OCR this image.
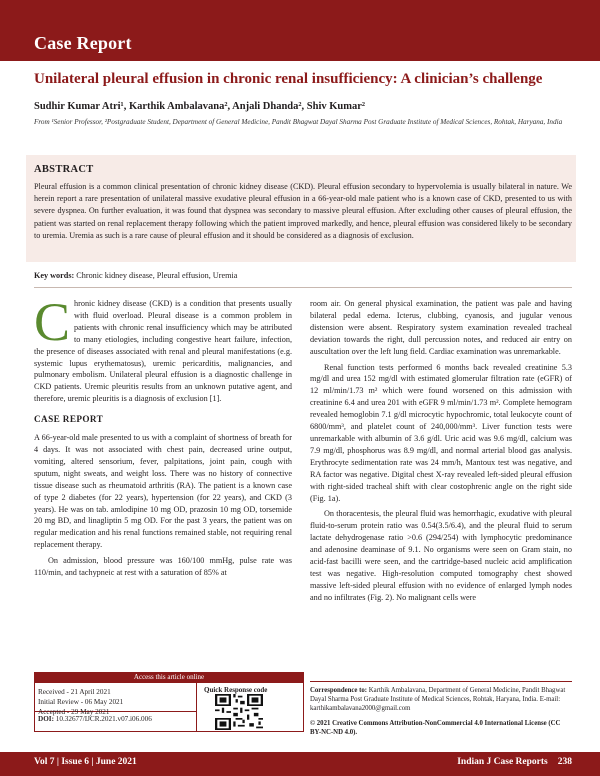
Case Report
Unilateral pleural effusion in chronic renal insufficiency: A clinician’s challenge
Sudhir Kumar Atri¹, Karthik Ambalavana², Anjali Dhanda², Shiv Kumar²
From ¹Senior Professor, ²Postgraduate Student, Department of General Medicine, Pandit Bhagwat Dayal Sharma Post Graduate Institute of Medical Sciences, Rohtak, Haryana, India
ABSTRACT
Pleural effusion is a common clinical presentation of chronic kidney disease (CKD). Pleural effusion secondary to hypervolemia is usually bilateral in nature. We herein report a rare presentation of unilateral massive exudative pleural effusion in a 66-year-old male patient who is a known case of CKD, presented to us with severe dyspnea. On further evaluation, it was found that dyspnea was secondary to massive pleural effusion. After excluding other causes of pleural effusion, the patient was started on renal replacement therapy following which the patient improved markedly, and hence, pleural effusion was considered likely to be secondary to uremia. Uremia as such is a rare cause of pleural effusion and it should be considered as a diagnosis of exclusion.
Key words: Chronic kidney disease, Pleural effusion, Uremia

Chronic kidney disease (CKD) is a condition that presents usually with fluid overload. Pleural disease is a common problem in patients with chronic renal insufficiency which may be attributed to many etiologies, including congestive heart failure, infection, the presence of diseases associated with renal and pleural manifestations (e.g. systemic lupus erythematosus), uremic pericarditis, malignancies, and pulmonary embolism. Unilateral pleural effusion is a diagnostic challenge in CKD patients. Uremic pleuritis results from an unknown putative agent, and therefore, uremic pleuritis is a diagnosis of exclusion [1].

CASE REPORT

A 66-year-old male presented to us with a complaint of shortness of breath for 4 days. It was not associated with chest pain, decreased urine output, vomiting, altered sensorium, fever, palpitations, joint pain, cough with sputum, night sweats, and weight loss. There was no history of connective tissue disease such as rheumatoid arthritis (RA). The patient is a known case of type 2 diabetes (for 22 years), hypertension (for 22 years), and CKD (3 years). He was on tab. amlodipine 10 mg OD, prazosin 10 mg OD, torsemide 20 mg BD, and linagliptin 5 mg OD. For the past 3 years, the patient was on regular medication and his renal functions remained stable, not requiring renal replacement therapy.

On admission, blood pressure was 160/100 mmHg, pulse rate was 110/min, and tachypneic at rest with a saturation of 85% at

room air. On general physical examination, the patient was pale and having bilateral pedal edema. Icterus, clubbing, cyanosis, and jugular venous distension were absent. Respiratory system examination revealed tracheal deviation towards the right, dull percussion notes, and reduced air entry on auscultation over the left lung field. Cardiac examination was unremarkable.

Renal function tests performed 6 months back revealed creatinine 5.3 mg/dl and urea 152 mg/dl with estimated glomerular filtration rate (eGFR) of 12 ml/min/1.73 m² which were found worsened on this admission with creatinine 6.4 and urea 201 with eGFR 9 ml/min/1.73 m². Complete hemogram revealed hemoglobin 7.1 g/dl microcytic hypochromic, total leukocyte count of 6800/mm³, and platelet count of 240,000/mm³. Liver function tests were unremarkable with albumin of 3.6 g/dl. Uric acid was 9.6 mg/dl, calcium was 7.9 mg/dl, phosphorus was 8.9 mg/dl, and normal arterial blood gas analysis. Erythrocyte sedimentation rate was 24 mm/h, Mantoux test was negative, and RA factor was negative. Digital chest X-ray revealed left-sided pleural effusion with right-sided tracheal shift with clear costophrenic angle on the right side (Fig. 1a).

On thoracentesis, the pleural fluid was hemorrhagic, exudative with pleural fluid-to-serum protein ratio was 0.54(3.5/6.4), and the pleural fluid to serum lactate dehydrogenase ratio >0.6 (294/254) with lymphocytic predominance and adenosine deaminase of 9.1. No organisms were seen on Gram stain, no acid-fast bacilli were seen, and the cartridge-based nucleic acid amplification test was negative. High-resolution computed tomography chest showed massive left-sided pleural effusion with no evidence of enlarged lymph nodes and no infiltrates (Fig. 2). No malignant cells were

Access this article online
Received - 21 April 2021
Initial Review - 06 May 2021
Accepted - 29 May 2021
DOI: 10.32677/IJCR.2021.v07.i06.006
Quick Response code	Correspondence to: Karthik Ambalavana, Department of General Medicine, Pandit Bhagwat Dayal Sharma Post Graduate Institute of Medical Sciences, Rohtak, Haryana, India. E-mail: karthikambalavana2000@gmail.com
© 2021 Creative Commons Attribution-NonCommercial 4.0 International License (CC BY-NC-ND 4.0).
Vol 7 | Issue 6 | June 2021	Indian J Case Reports 238
